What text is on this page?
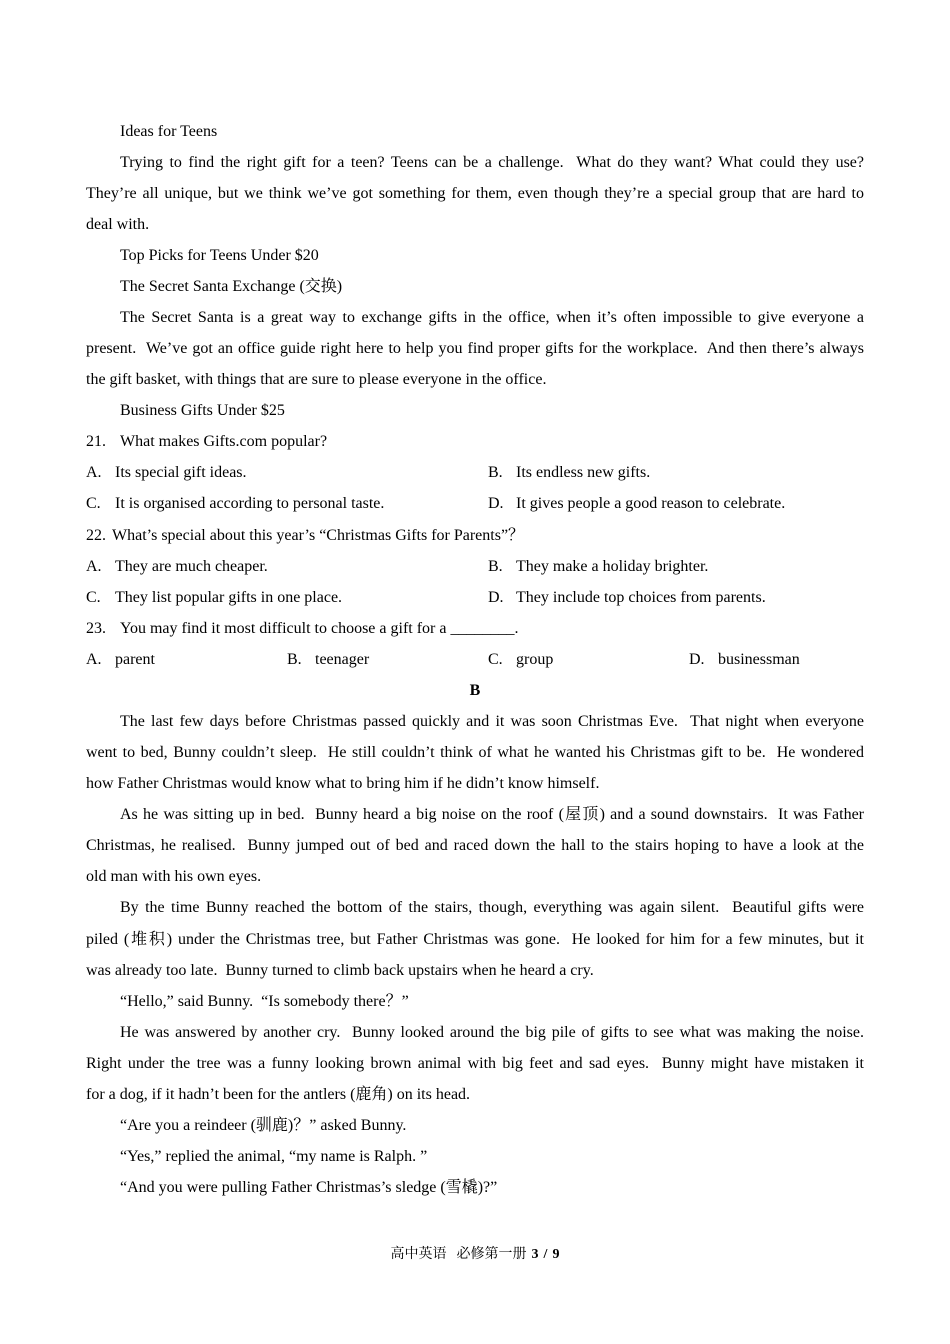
Ideas for Teens
Trying to find the right gift for a teen? Teens can be a challenge.  What do they want? What could they use?
They’re all unique, but we think we’ve got something for them, even though they’re a special group that are hard to
deal with.
Top Picks for Teens Under $20
The Secret Santa Exchange (交换)
The Secret Santa is a great way to exchange gifts in the office, when it’s often impossible to give everyone a
present.  We’ve got an office guide right here to help you find proper gifts for the workplace.  And then there’s always
the gift basket, with things that are sure to please everyone in the office.
Business Gifts Under $25
21. What makes Gifts.com popular?
A. Its special gift ideas.	B. Its endless new gifts.
C. It is organised according to personal taste.	D. It gives people a good reason to celebrate.
22. What’s special about this year’s “Christmas Gifts for Parents”？
A. They are much cheaper.	B. They make a holiday brighter.
C. They list popular gifts in one place.	D. They include top choices from parents.
23. You may find it most difficult to choose a gift for a ________.
A. parent	B. teenager	C. group	D. businessman
B
The last few days before Christmas passed quickly and it was soon Christmas Eve.  That night when everyone
went to bed, Bunny couldn’t sleep.  He still couldn’t think of what he wanted his Christmas gift to be.  He wondered
how Father Christmas would know what to bring him if he didn’t know himself.
As he was sitting up in bed.  Bunny heard a big noise on the roof (屋顶) and a sound downstairs.  It was Father
Christmas, he realised.  Bunny jumped out of bed and raced down the hall to the stairs hoping to have a look at the
old man with his own eyes.
By the time Bunny reached the bottom of the stairs, though, everything was again silent.  Beautiful gifts were
piled (堆积) under the Christmas tree, but Father Christmas was gone.  He looked for him for a few minutes, but it
was already too late.  Bunny turned to climb back upstairs when he heard a cry.
“Hello,” said Bunny.  “Is somebody there？”
He was answered by another cry.  Bunny looked around the big pile of gifts to see what was making the noise.
Right under the tree was a funny looking brown animal with big feet and sad eyes.  Bunny might have mistaken it
for a dog, if it hadn’t been for the antlers (鹿角) on its head.
“Are you a reindeer (驯鹿)？” asked Bunny.
“Yes,” replied the animal, “my name is Ralph. ”
“And you were pulling Father Christmas’s sledge (雪橇)?”
高中英语 必修第一册 3 / 9
